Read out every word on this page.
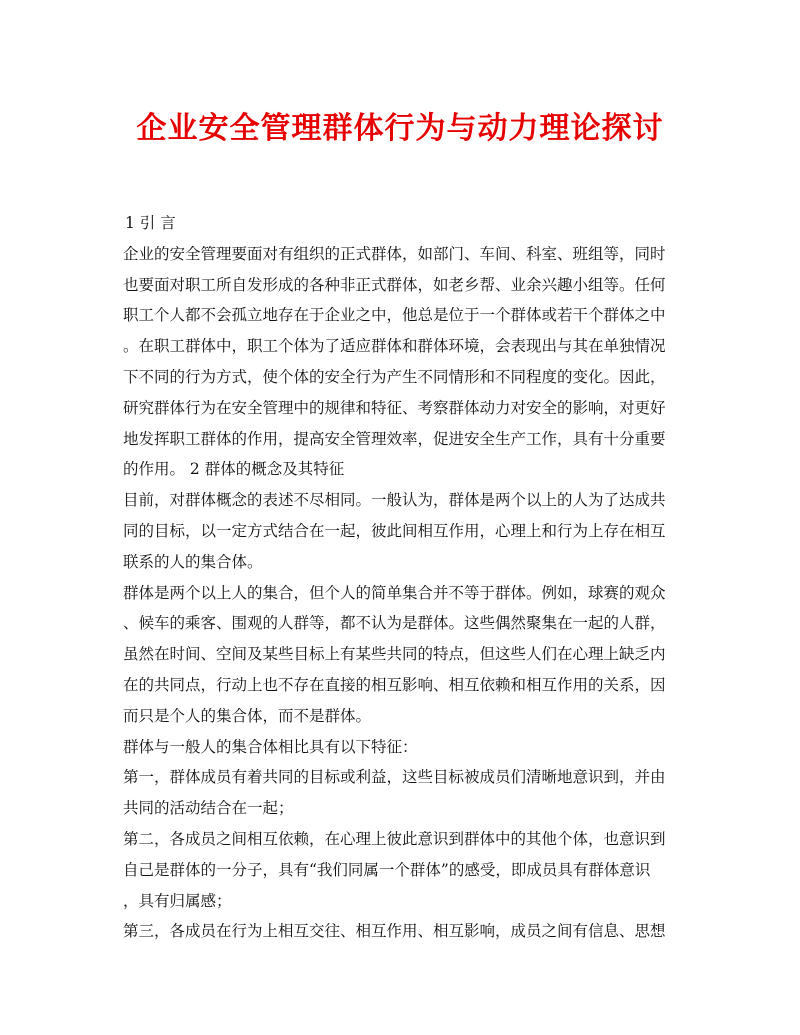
企业安全管理群体行为与动力理论探讨
1 引 言
企业的安全管理要面对有组织的正式群体，如部门、车间、科室、班组等，同时
也要面对职工所自发形成的各种非正式群体，如老乡帮、业余兴趣小组等。任何
职工个人都不会孤立地存在于企业之中，他总是位于一个群体或若干个群体之中
。在职工群体中，职工个体为了适应群体和群体环境，会表现出与其在单独情况
下不同的行为方式，使个体的安全行为产生不同情形和不同程度的变化。因此，
研究群体行为在安全管理中的规律和特征、考察群体动力对安全的影响，对更好
地发挥职工群体的作用，提高安全管理效率，促进安全生产工作，具有十分重要
的作用。 2 群体的概念及其特征
目前，对群体概念的表述不尽相同。一般认为，群体是两个以上的人为了达成共
同的目标，以一定方式结合在一起，彼此间相互作用，心理上和行为上存在相互
联系的人的集合体。
群体是两个以上人的集合，但个人的简单集合并不等于群体。例如，球赛的观众
、候车的乘客、围观的人群等，都不认为是群体。这些偶然聚集在一起的人群，
虽然在时间、空间及某些目标上有某些共同的特点，但这些人们在心理上缺乏内
在的共同点，行动上也不存在直接的相互影响、相互依赖和相互作用的关系，因
而只是个人的集合体，而不是群体。
群体与一般人的集合体相比具有以下特征：
第一，群体成员有着共同的目标或利益，这些目标被成员们清晰地意识到，并由
共同的活动结合在一起；
第二，各成员之间相互依赖，在心理上彼此意识到群体中的其他个体，也意识到
自己是群体的一分子，具有“我们同属一个群体”的感受，即成员具有群体意识
，具有归属感；
第三，各成员在行为上相互交往、相互作用、相互影响，成员之间有信息、思想
